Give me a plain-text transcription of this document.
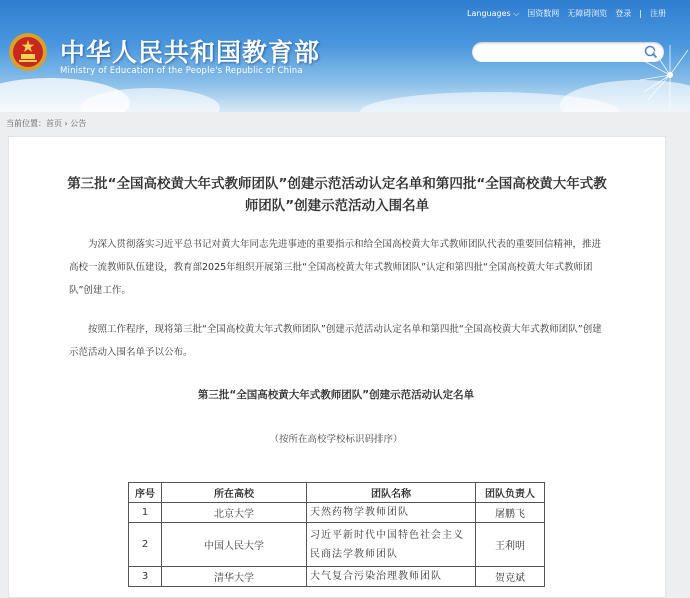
Languages ⌵ 国资数网 无障碍浏览 登录 | 注册
中华人民共和国教育部
Ministry of Education of the People's Republic of China
当前位置：首页 › 公告
第三批“全国高校黄大年式教师团队”创建示范活动认定名单和第四批“全国高校黄大年式教师团队”创建示范活动入围名单

为深入贯彻落实习近平总书记对黄大年同志先进事迹的重要指示和给全国高校黄大年式教师团队代表的重要回信精神，推进高校一流教师队伍建设，教育部2025年组织开展第三批“全国高校黄大年式教师团队”认定和第四批“全国高校黄大年式教师团队”创建工作。

按照工作程序，现将第三批“全国高校黄大年式教师团队”创建示范活动认定名单和第四批“全国高校黄大年式教师团队”创建示范活动入围名单予以公布。

第三批“全国高校黄大年式教师团队”创建示范活动认定名单
（按所在高校学校标识码排序）
序号	所在高校	团队名称	团队负责人
1	北京大学	天然药物学教师团队	屠鹏飞
2	中国人民大学	习近平新时代中国特色社会主义民商法学教师团队	王利明
3	清华大学	大气复合污染治理教师团队	贺克斌
